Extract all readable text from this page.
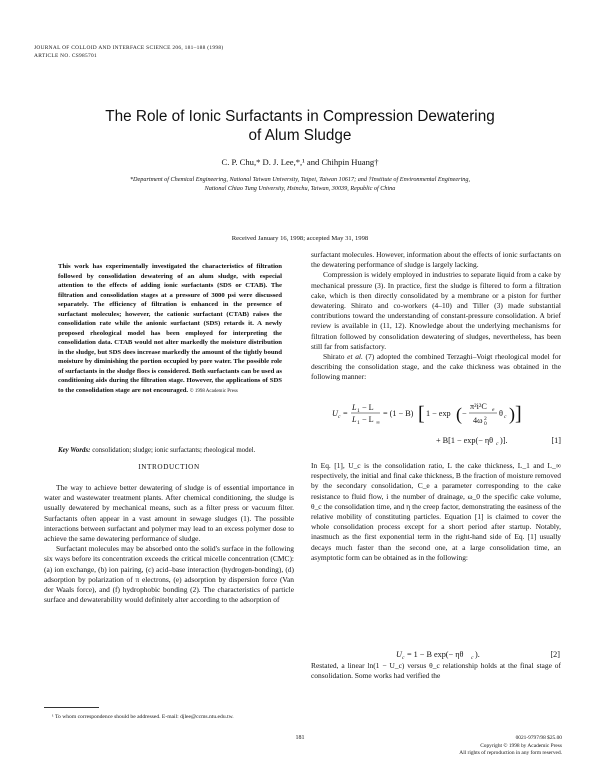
JOURNAL OF COLLOID AND INTERFACE SCIENCE 206, 181–188 (1998)
ARTICLE NO. CS985701
The Role of Ionic Surfactants in Compression Dewatering
of Alum Sludge
C. P. Chu,* D. J. Lee,*,¹ and Chihpin Huang†
*Department of Chemical Engineering, National Taiwan University, Taipei, Taiwan 10617; and †Institute of Environmental Engineering,
National Chiao Tung University, Hsinchu, Taiwan, 30039, Republic of China
Received January 16, 1998; accepted May 31, 1998
This work has experimentally investigated the characteristics of filtration followed by consolidation dewatering of an alum sludge, with especial attention to the effects of adding ionic surfactants (SDS or CTAB). The filtration and consolidation stages at a pressure of 3000 psi were discussed separately. The efficiency of filtration is enhanced in the presence of surfactant molecules; however, the cationic surfactant (CTAB) raises the consolidation rate while the anionic surfactant (SDS) retards it. A newly proposed rheological model has been employed for interpreting the consolidation data. CTAB would not alter markedly the moisture distribution in the sludge, but SDS does increase markedly the amount of the tightly bound moisture by diminishing the portion occupied by pore water. The possible role of surfactants in the sludge flocs is considered. Both surfactants can be used as conditioning aids during the filtration stage. However, the applications of SDS to the consolidation stage are not encouraged. © 1998 Academic Press
Key Words: consolidation; sludge; ionic surfactants; rheological model.
INTRODUCTION

The way to achieve better dewatering of sludge is of essential importance in water and wastewater treatment plants. After chemical conditioning, the sludge is usually dewatered by mechanical means, such as a filter press or vacuum filter. Surfactants often appear in a vast amount in sewage sludges (1). The possible interactions between surfactant and polymer may lead to an excess polymer dose to achieve the same dewatering performance of sludge.

Surfactant molecules may be absorbed onto the solid's surface in the following six ways before its concentration exceeds the critical micelle concentration (CMC): (a) ion exchange, (b) ion pairing, (c) acid–base interaction (hydrogen-bonding), (d) adsorption by polarization of π electrons, (e) adsorption by dispersion force (Van der Waals force), and (f) hydrophobic bonding (2). The characteristics of particle surface and dewaterability would definitely alter according to the adsorption of

¹ To whom correspondence should be addressed. E-mail: djlee@ccms.ntu.edu.tw.

surfactant molecules. However, information about the effects of ionic surfactants on the dewatering performance of sludge is largely lacking.

Compression is widely employed in industries to separate liquid from a cake by mechanical pressure (3). In practice, first the sludge is filtered to form a filtration cake, which is then directly consolidated by a membrane or a piston for further dewatering. Shirato and co-workers (4–10) and Tiller (3) made substantial contributions toward the understanding of constant-pressure consolidation. A brief review is available in (11, 12). Knowledge about the underlying mechanisms for filtration followed by consolidation dewatering of sludges, nevertheless, has been still far from satisfactory.

Shirato et al. (7) adopted the combined Terzaghi–Voigt rheological model for describing the consolidation stage, and the cake thickness was obtained in the following manner:

U c =
L 1 − L
L 1 − L ∞
= (1 − B) [ 1 − exp ( −
π²i²C e
4ω 2
0
θ c ) ]
+ B[1 − exp(− ηθ c )].	[1]

In Eq. [1], U_c is the consolidation ratio, L the cake thickness, L_1 and L_∞ respectively, the initial and final cake thickness, B the fraction of moisture removed by the secondary consolidation, C_e a parameter corresponding to the cake resistance to fluid flow, i the number of drainage, ω_0 the specific cake volume, θ_c the consolidation time, and η the creep factor, demonstrating the easiness of the relative mobility of constituting particles. Equation [1] is claimed to cover the whole consolidation process except for a short period after startup. Notably, inasmuch as the first exponential term in the right-hand side of Eq. [1] usually decays much faster than the second one, at a large consolidation time, an asymptotic form can be obtained as in the following:

U c = 1 − B exp(− ηθ c ).	[2]

Restated, a linear ln(1 − U_c) versus θ_c relationship holds at the final stage of consolidation. Some works had verified the

181	0021-9797/98 $25.00
Copyright © 1998 by Academic Press
All rights of reproduction in any form reserved.
